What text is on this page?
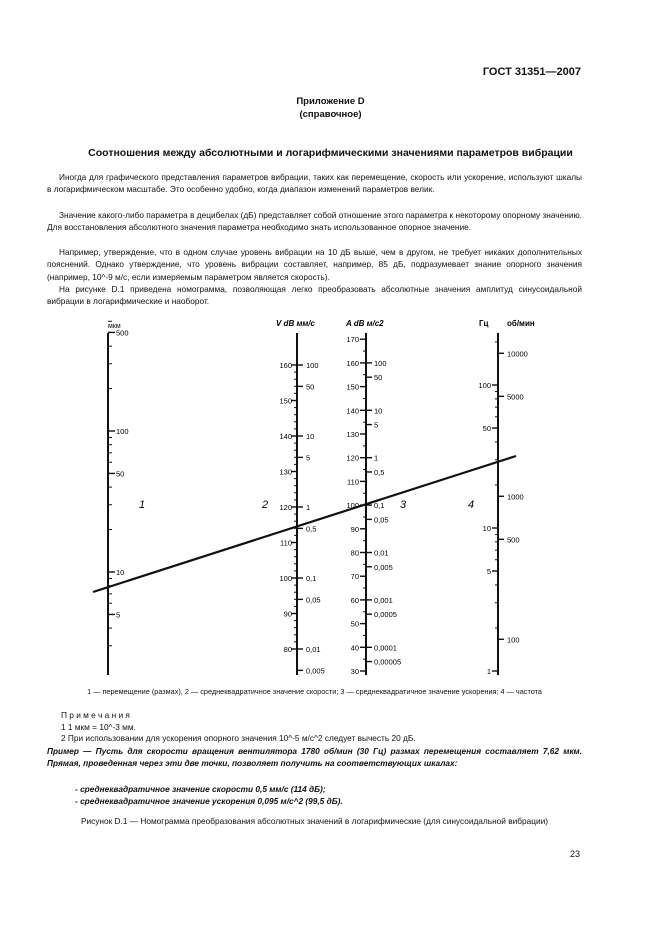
ГОСТ 31351—2007
Приложение D
(справочное)
Соотношения между абсолютными и логарифмическими значениями параметров вибрации
Иногда для графического представления параметров вибрации, таких как перемещение, скорость или ускорение, используют шкалы в логарифмическом масштабе. Это особенно удобно, когда диапазон изменений параметров велик.
Значение какого-либо параметра в децибелах (дБ) представляет собой отношение этого параметра к некоторому опорному значению. Для восстановления абсолютного значения параметра необходимо знать использованное опорное значение.
Например, утверждение, что в одном случае уровень вибрации на 10 дБ выше, чем в другом, не требует никаких дополнительных пояснений. Однако утверждение, что уровень вибрации составляет, например, 85 дБ, подразумевает знание опорного значения (например, 10^-9 м/с, если измеряемым параметром является скорость).
На рисунке D.1 приведена номограмма, позволяющая легко преобразовать абсолютные значения амплитуд синусоидальной вибрации в логарифмические и наоборот.
500
100
50
10
5
160
150
140
130
120
110
100
90
80
100
50
10
5
1
0,5
0,1
0,05
0,01
0,005
170
160
150
140
130
120
110
100
90
80
70
60
50
40
30
100
50
10
5
1
0,5
0,1
0,05
0,01
0,005
0,001
0,0005
0,0001
0,00005
100
50
10
5
1
10000
5000
1000
500
100
мкм	V dB мм/с	A dB м/с2	Гц об/мин
1	2	3	4
1 — перемещение (размах), 2 — среднеквадратичное значение скорости; 3 — среднеквадратичное значение ускорения; 4 — частота
П р и м е ч а н и я
1 1 мкм = 10^-3 мм.
2 При использовании для ускорения опорного значения 10^-5 м/с^2 следует вычесть 20 дБ.
Пример — Пусть для скорости вращения вентилятора 1780 об/мин (30 Гц) размах перемещения составляет 7,62 мкм. Прямая, проведенная через эти две точки, позволяет получить на соответствующих шкалах:
- среднеквадратичное значение скорости 0,5 мм/с (114 дБ);
- среднеквадратичное значение ускорения 0,095 м/с^2 (99,5 дБ).
Рисунок D.1 — Номограмма преобразования абсолютных значений в логарифмические (для синусоидальной вибрации)
23
